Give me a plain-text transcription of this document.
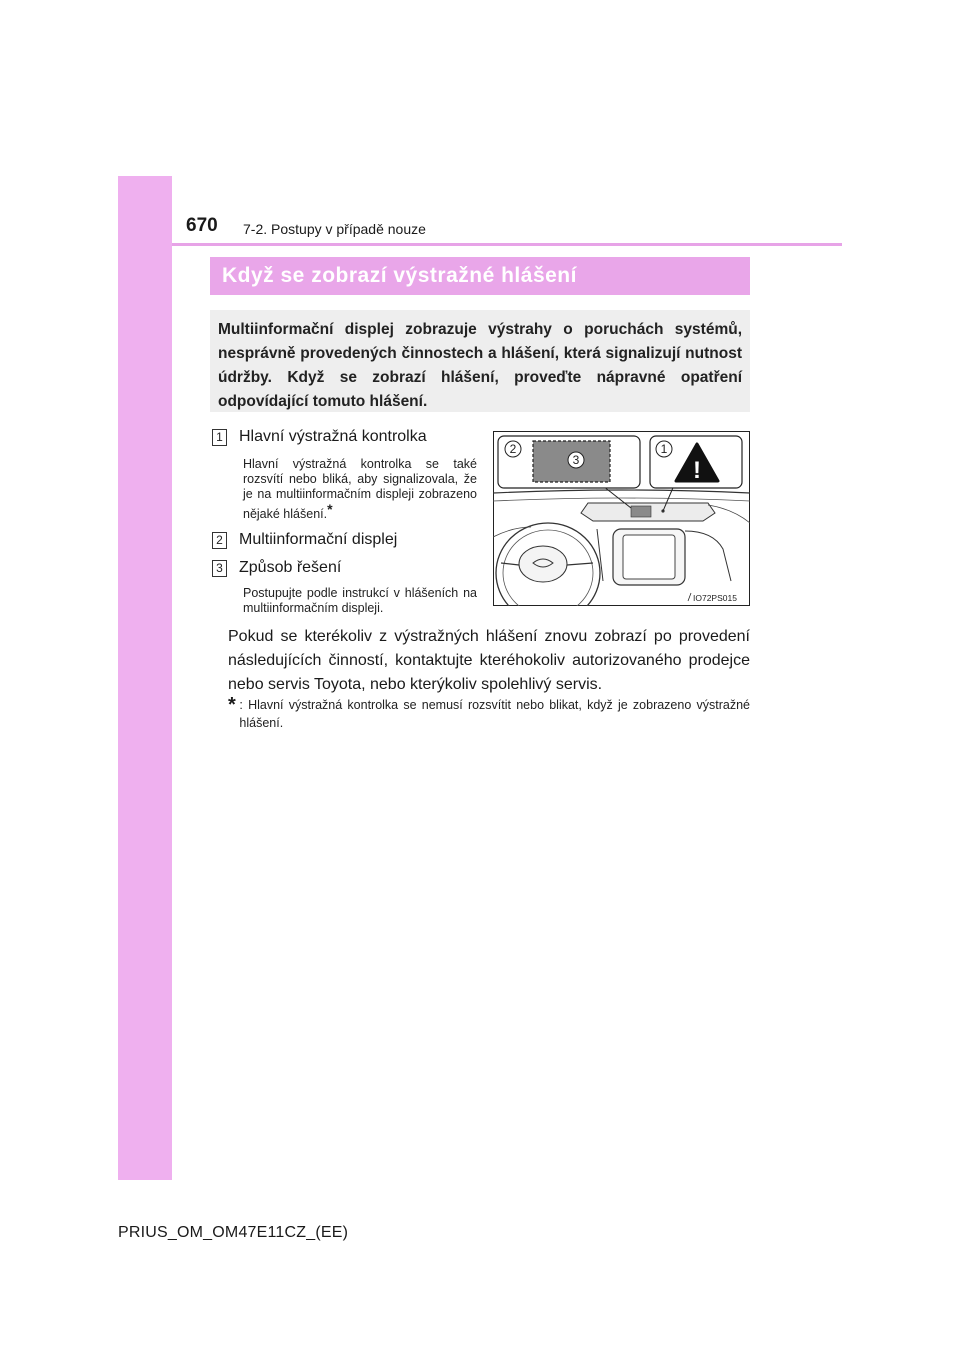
670 7-2. Postupy v případě nouze
Když se zobrazí výstražné hlášení

Multiinformační displej zobrazuje výstrahy o poruchách systémů, nesprávně provedených činnostech a hlášení, která signalizují nutnost údržby. Když se zobrazí hlášení, proveďte nápravné opatření odpovídající tomuto hlášení.

1 Hlavní výstražná kontrolka
Hlavní výstražná kontrolka se také rozsvítí nebo bliká, aby signalizovala, že je na multiinformačním displeji zobrazeno nějaké hlášení.*
2 Multiinformační displej
3 Způsob řešení
Postupujte podle instrukcí v hlášeních na multiinformačním displeji.
2
3
1
!
IO72PS015
Pokud se kterékoliv z výstražných hlášení znovu zobrazí po provedení následujících činností, kontaktujte kteréhokoliv autorizovaného prodejce nebo servis Toyota, nebo kterýkoliv spolehlivý servis.
* : Hlavní výstražná kontrolka se nemusí rozsvítit nebo blikat, když je zobrazeno výstražné hlášení.
PRIUS_OM_OM47E11CZ_(EE)
